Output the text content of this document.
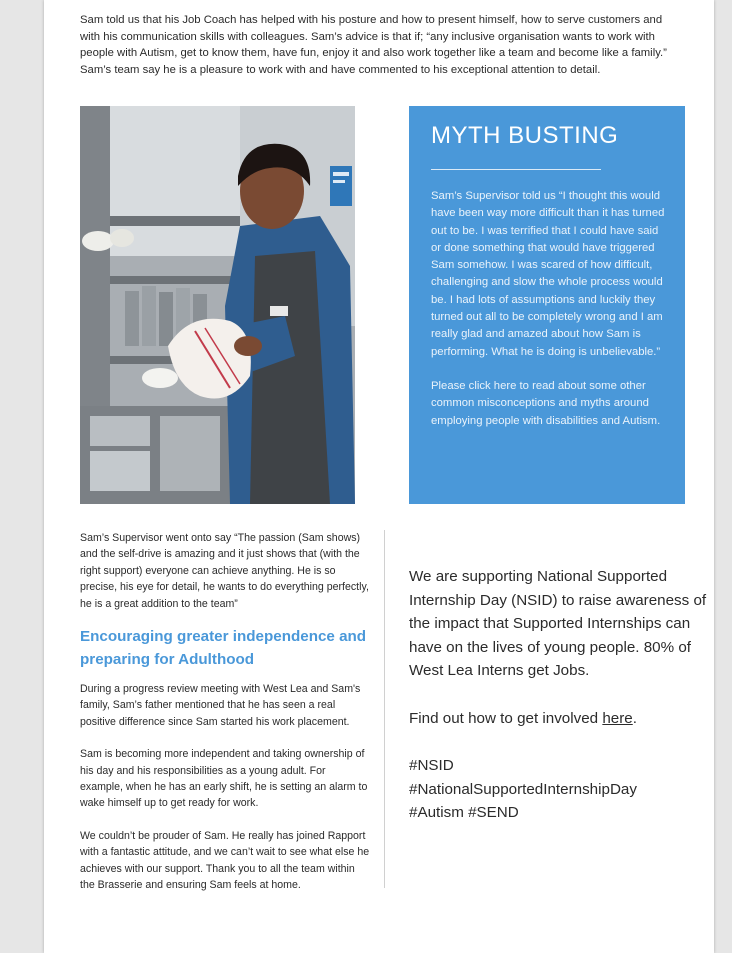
Sam told us that his Job Coach has helped with his posture and how to present himself, how to serve customers and with his communication skills with colleagues. Sam’s advice is that if; “any inclusive organisation wants to work with people with Autism, get to know them, have fun, enjoy it and also work together like a team and become like a family.” Sam’s team say he is a pleasure to work with and have commented to his exceptional attention to detail.

MYTH BUSTING

Sam’s Supervisor told us “I thought this would have been way more difficult than it has turned out to be. I was terrified that I could have said or done something that would have triggered Sam somehow. I was scared of how difficult, challenging and slow the whole process would be. I had lots of assumptions and luckily they turned out all to be completely wrong and I am really glad and amazed about how Sam is performing. What he is doing is unbelievable.”

Please click here to read about some other common misconceptions and myths around employing people with disabilities and Autism.

Sam’s Supervisor went onto say “The passion (Sam shows) and the self-drive is amazing and it just shows that (with the right support) everyone can achieve anything. He is so precise, his eye for detail, he wants to do everything perfectly, he is a great addition to the team”

Encouraging greater independence and preparing for Adulthood

During a progress review meeting with West Lea and Sam's family, Sam’s father mentioned that he has seen a real positive difference since Sam started his work placement.

Sam is becoming more independent and taking ownership of his day and his responsibilities as a young adult. For example, when he has an early shift, he is setting an alarm to wake himself up to get ready for work.

We couldn’t be prouder of Sam. He really has joined Rapport with a fantastic attitude, and we can’t wait to see what else he achieves with our support. Thank you to all the team within the Brasserie and ensuring Sam feels at home.

We are supporting National Supported Internship Day (NSID) to raise awareness of the impact that Supported Internships can have on the lives of young people. 80% of West Lea Interns get Jobs.

Find out how to get involved here.

#NSID
#NationalSupportedInternshipDay
#Autism #SEND
